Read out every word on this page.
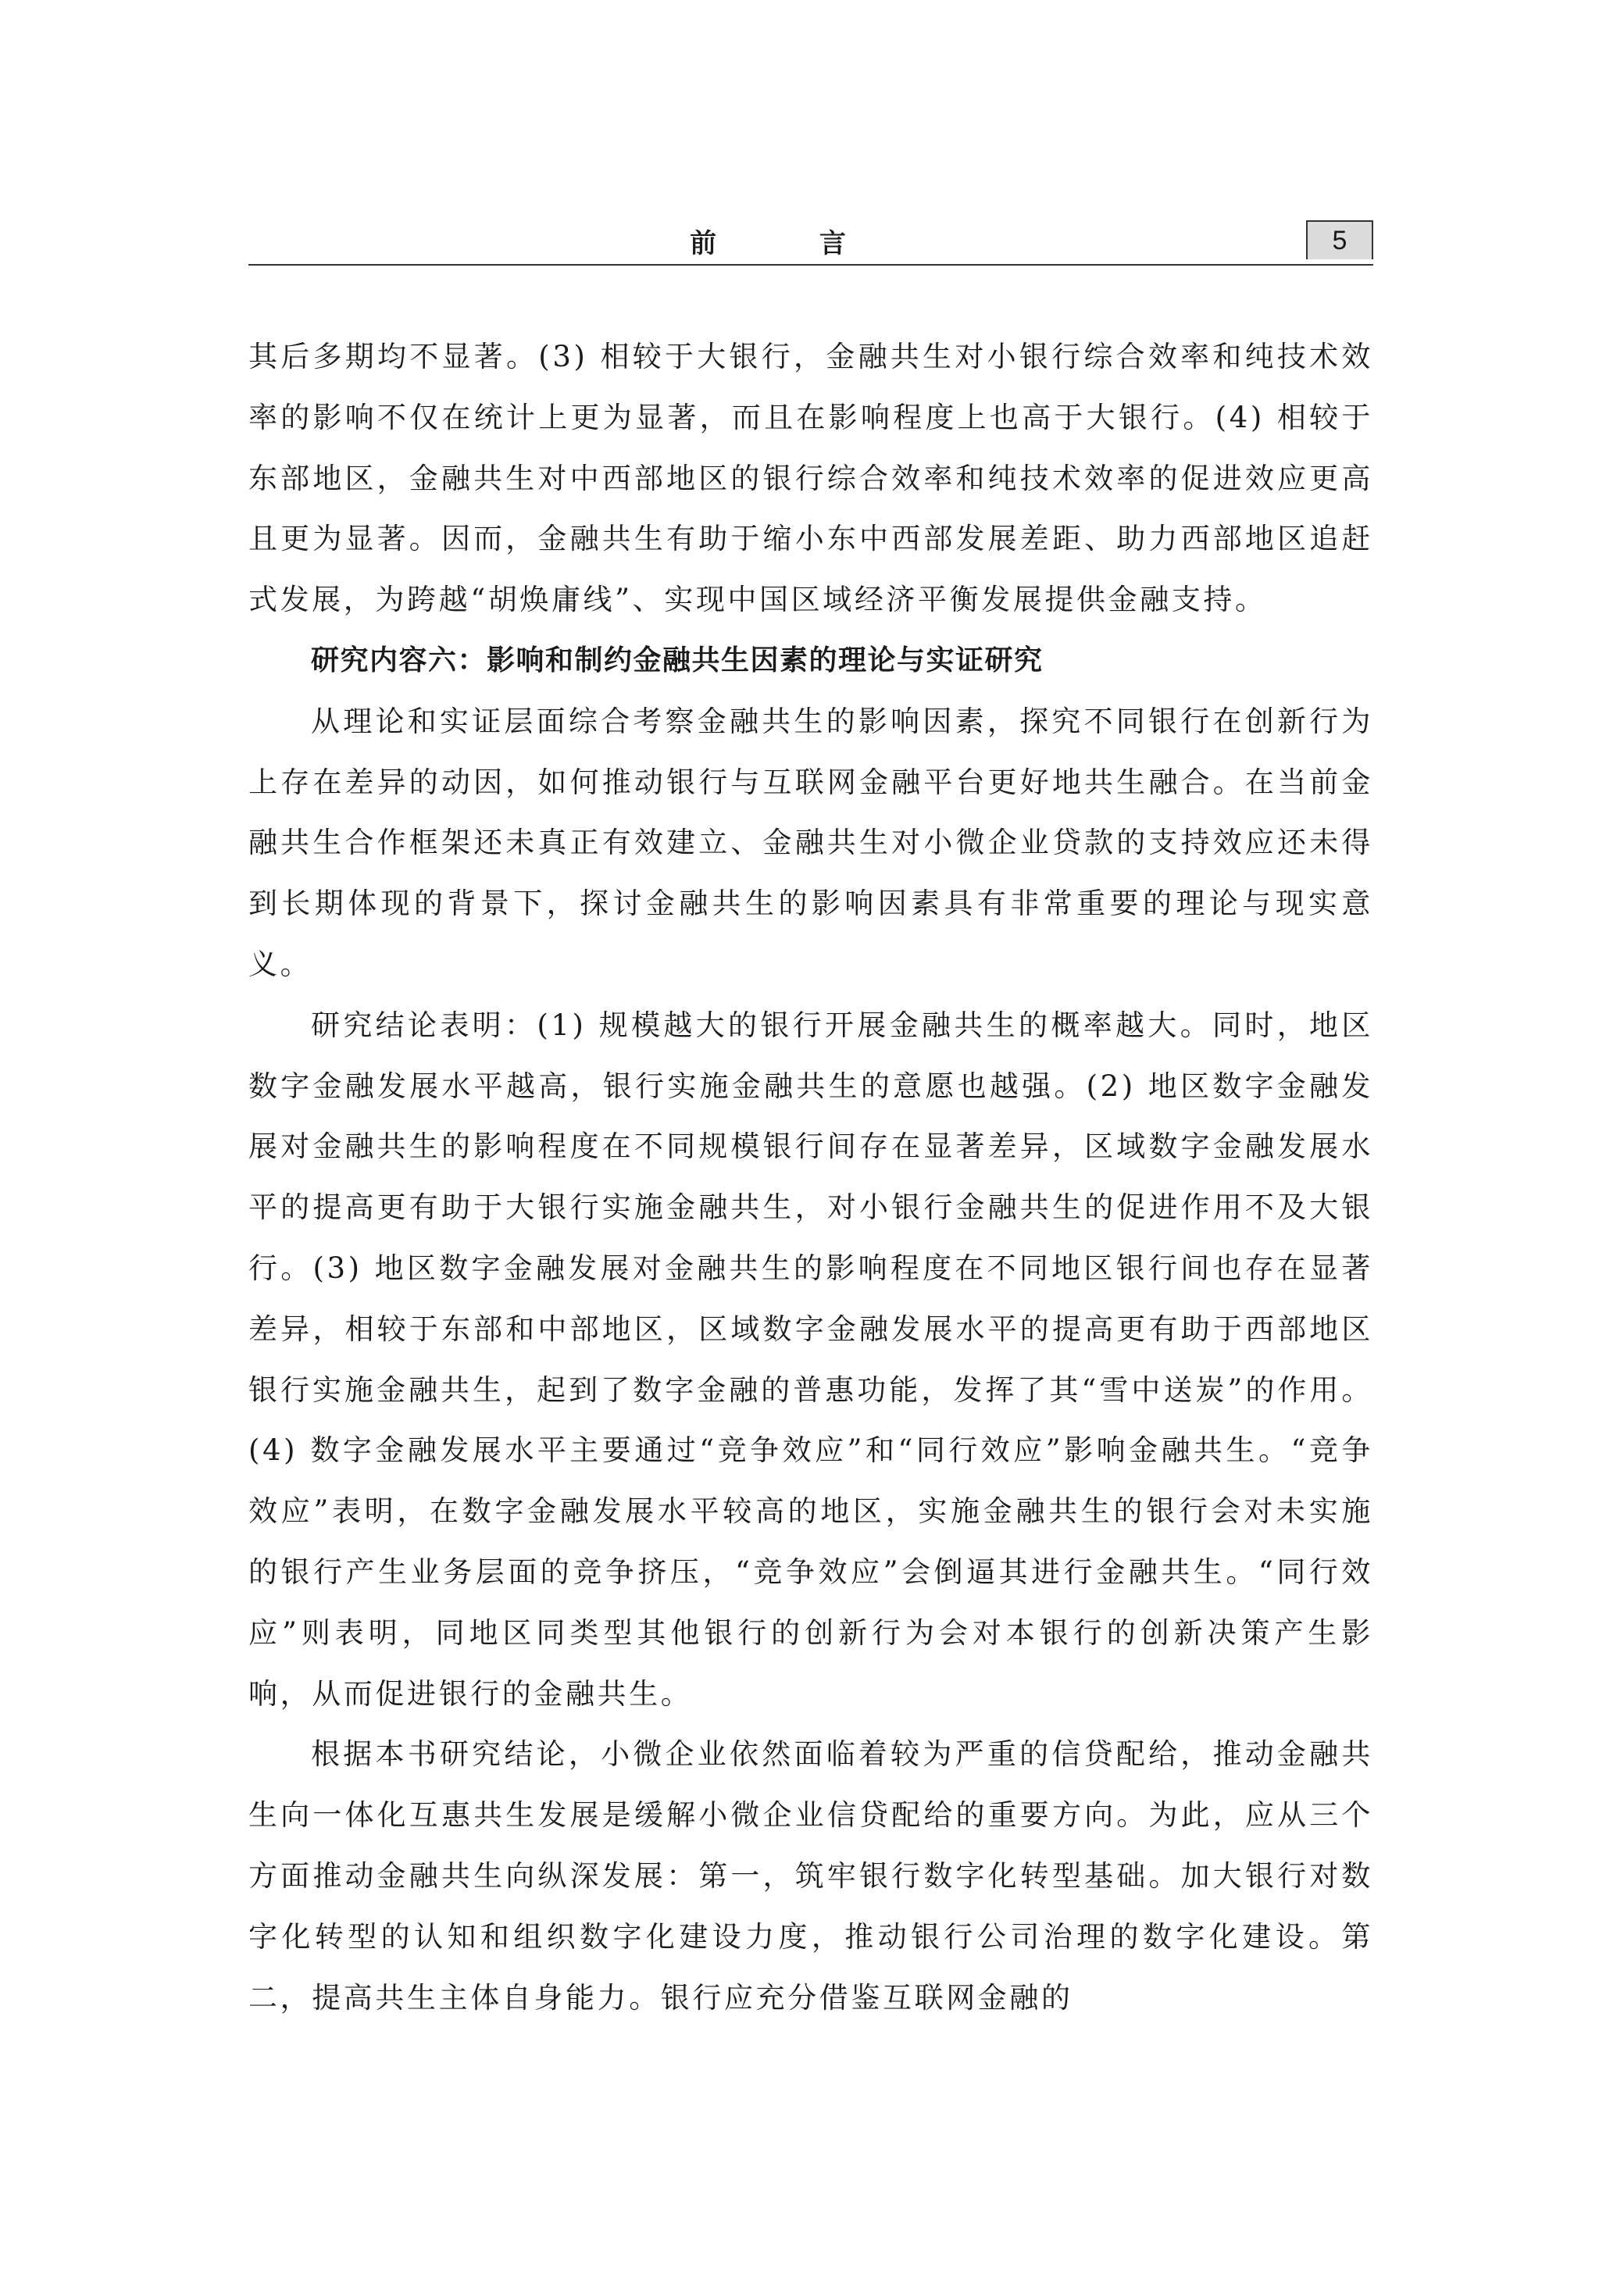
前 言	5

其后多期均不显著。(3) 相较于大银行，金融共生对小银行综合效率和纯技术效率的影响不仅在统计上更为显著，而且在影响程度上也高于大银行。(4) 相较于东部地区，金融共生对中西部地区的银行综合效率和纯技术效率的促进效应更高且更为显著。因而，金融共生有助于缩小东中西部发展差距、助力西部地区追赶式发展，为跨越“胡焕庸线”、实现中国区域经济平衡发展提供金融支持。

研究内容六：影响和制约金融共生因素的理论与实证研究

从理论和实证层面综合考察金融共生的影响因素，探究不同银行在创新行为上存在差异的动因，如何推动银行与互联网金融平台更好地共生融合。在当前金融共生合作框架还未真正有效建立、金融共生对小微企业贷款的支持效应还未得到长期体现的背景下，探讨金融共生的影响因素具有非常重要的理论与现实意义。

研究结论表明：(1) 规模越大的银行开展金融共生的概率越大。同时，地区数字金融发展水平越高，银行实施金融共生的意愿也越强。(2) 地区数字金融发展对金融共生的影响程度在不同规模银行间存在显著差异，区域数字金融发展水平的提高更有助于大银行实施金融共生，对小银行金融共生的促进作用不及大银行。(3) 地区数字金融发展对金融共生的影响程度在不同地区银行间也存在显著差异，相较于东部和中部地区，区域数字金融发展水平的提高更有助于西部地区银行实施金融共生，起到了数字金融的普惠功能，发挥了其“雪中送炭”的作用。(4) 数字金融发展水平主要通过“竞争效应”和“同行效应”影响金融共生。“竞争效应”表明，在数字金融发展水平较高的地区，实施金融共生的银行会对未实施的银行产生业务层面的竞争挤压，“竞争效应”会倒逼其进行金融共生。“同行效应”则表明，同地区同类型其他银行的创新行为会对本银行的创新决策产生影响，从而促进银行的金融共生。

根据本书研究结论，小微企业依然面临着较为严重的信贷配给，推动金融共生向一体化互惠共生发展是缓解小微企业信贷配给的重要方向。为此，应从三个方面推动金融共生向纵深发展：第一，筑牢银行数字化转型基础。加大银行对数字化转型的认知和组织数字化建设力度，推动银行公司治理的数字化建设。第二，提高共生主体自身能力。银行应充分借鉴互联网金融的
